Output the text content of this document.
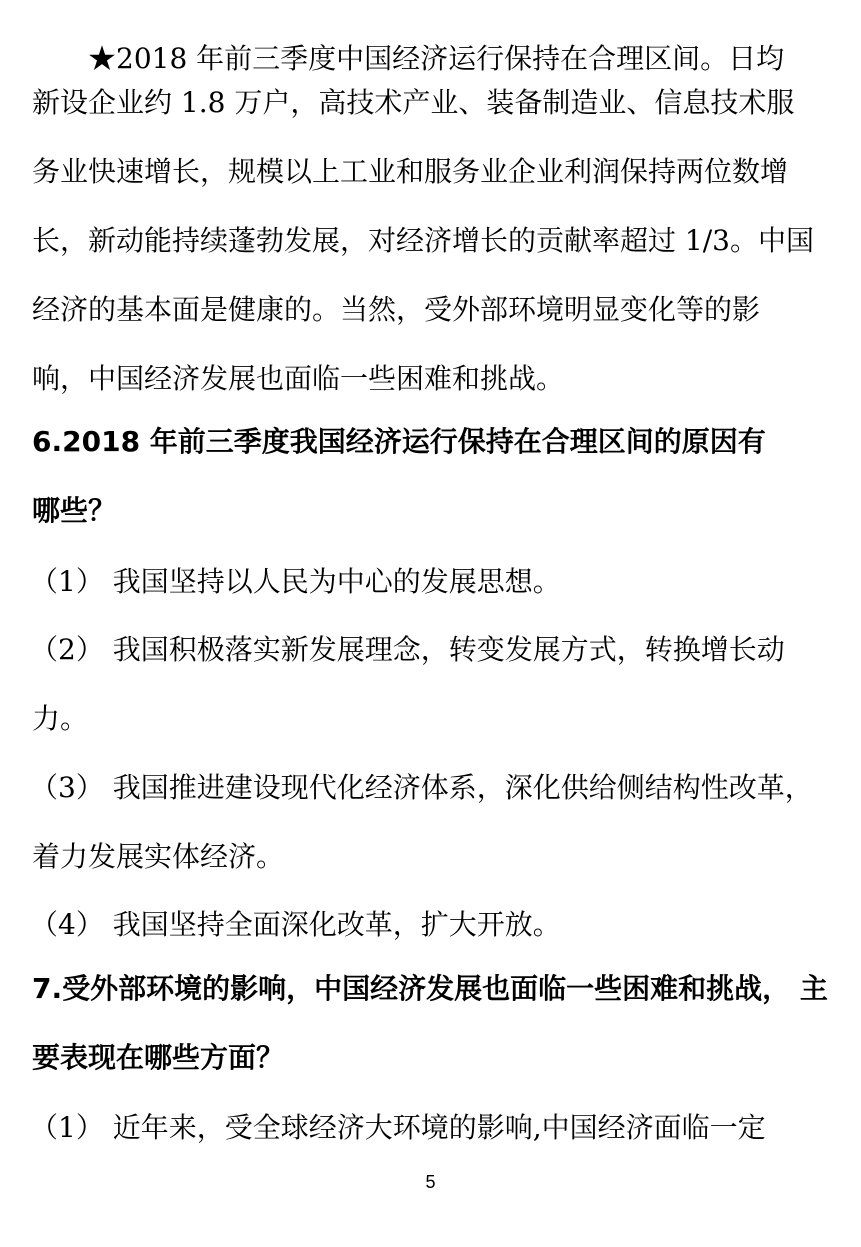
★2018 年前三季度中国经济运行保持在合理区间。日均
新设企业约 1.8 万户，高技术产业、装备制造业、信息技术服
务业快速增长，规模以上工业和服务业企业利润保持两位数增
长，新动能持续蓬勃发展，对经济增长的贡献率超过 1/3。中国
经济的基本面是健康的。当然，受外部环境明显变化等的影
响，中国经济发展也面临一些困难和挑战。
6.2018 年前三季度我国经济运行保持在合理区间的原因有
哪些？
（1） 我国坚持以人民为中心的发展思想。
（2） 我国积极落实新发展理念，转变发展方式，转换增长动
力。
（3） 我国推进建设现代化经济体系，深化供给侧结构性改革，
着力发展实体经济。
（4） 我国坚持全面深化改革，扩大开放。
7.受外部环境的影响，中国经济发展也面临一些困难和挑战， 主
要表现在哪些方面？
（1） 近年来，受全球经济大环境的影响,中国经济面临一定
5
